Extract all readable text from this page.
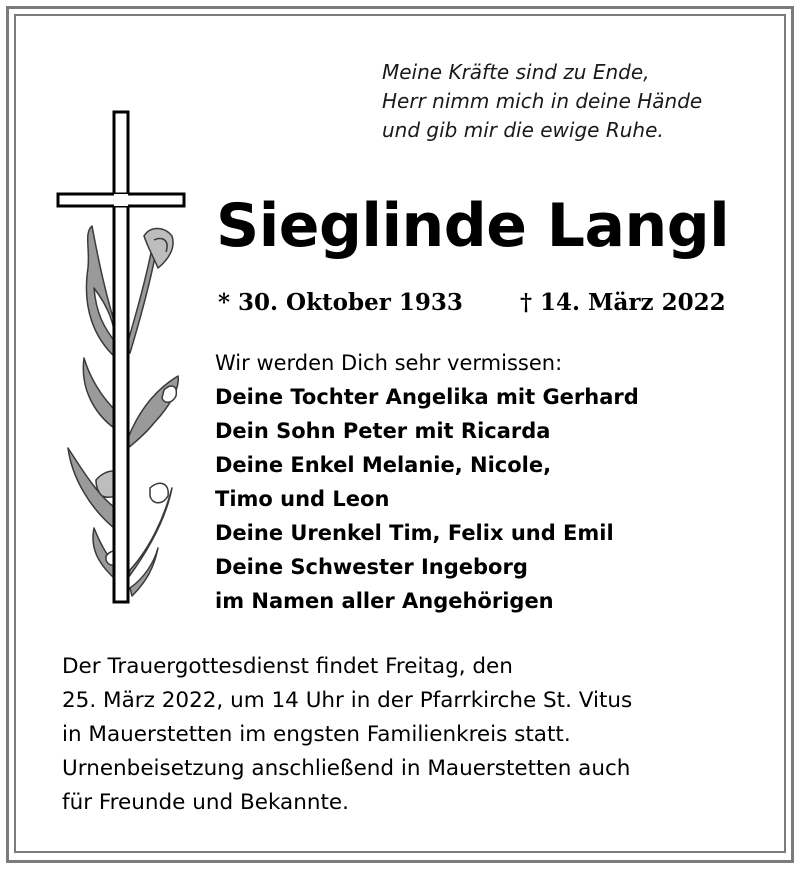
Meine Kräfte sind zu Ende,
Herr nimm mich in deine Hände
und gib mir die ewige Ruhe.
Sieglinde Langl
* 30. Oktober 1933 † 14. März 2022
Wir werden Dich sehr vermissen:
Deine Tochter Angelika mit Gerhard
Dein Sohn Peter mit Ricarda
Deine Enkel Melanie, Nicole,
Timo und Leon
Deine Urenkel Tim, Felix und Emil
Deine Schwester Ingeborg
im Namen aller Angehörigen
Der Trauergottesdienst findet Freitag, den
25. März 2022, um 14 Uhr in der Pfarrkirche St. Vitus
in Mauerstetten im engsten Familienkreis statt.
Urnenbeisetzung anschließend in Mauerstetten auch
für Freunde und Bekannte.
